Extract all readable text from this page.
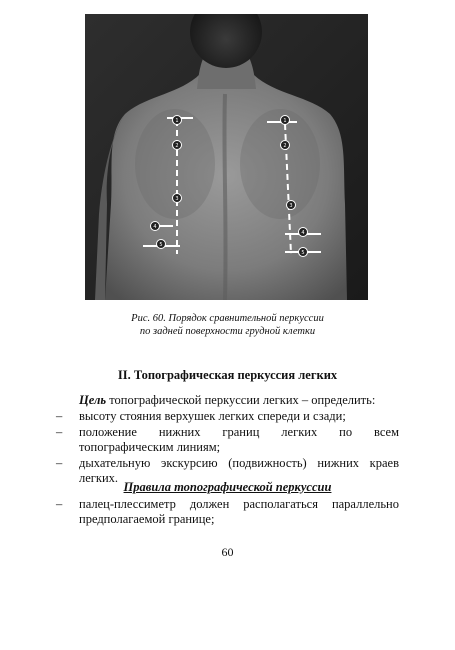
1
2
3
4
5
1
2
3
4
5
Рис. 60. Порядок сравнительной перкуссии
по задней поверхности грудной клетки
II. Топографическая перкуссия легких
Цель топографической перкуссии легких – определить:
– высоту стояния верхушек легких спереди и сзади;
– положение нижних границ легких по всем топографическим линиям;
– дыхательную экскурсию (подвижность) нижних краев легких.
Правила топографической перкуссии
– палец-плессиметр должен располагаться параллельно предполагаемой границе;
60
